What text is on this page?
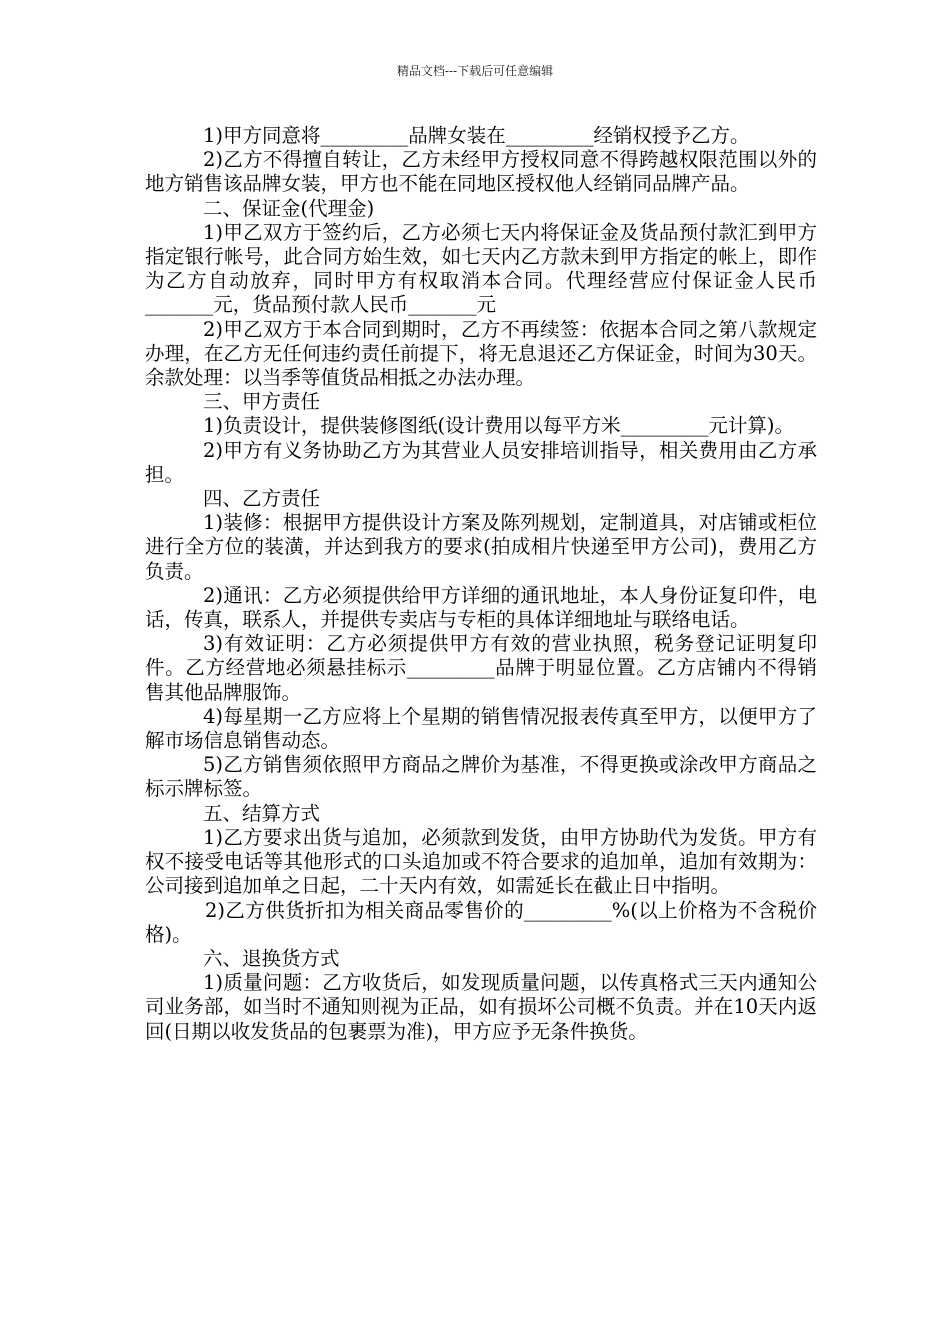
精品文档---下载后可任意编辑

1)甲方同意将_________品牌女装在_________经销权授予乙方。

2)乙方不得擅自转让，乙方未经甲方授权同意不得跨越权限范围以外的地方销售该品牌女装，甲方也不能在同地区授权他人经销同品牌产品。

二、保证金(代理金)

1)甲乙双方于签约后，乙方必须七天内将保证金及货品预付款汇到甲方指定银行帐号，此合同方始生效，如七天内乙方款未到甲方指定的帐上，即作为乙方自动放弃，同时甲方有权取消本合同。代理经营应付保证金人民币_______元，货品预付款人民币_______元

2)甲乙双方于本合同到期时，乙方不再续签：依据本合同之第八款规定办理，在乙方无任何违约责任前提下，将无息退还乙方保证金，时间为30天。余款处理：以当季等值货品相抵之办法办理。

三、甲方责任

1)负责设计，提供装修图纸(设计费用以每平方米_________元计算)。

2)甲方有义务协助乙方为其营业人员安排培训指导，相关费用由乙方承担。

四、乙方责任

1)装修：根据甲方提供设计方案及陈列规划，定制道具，对店铺或柜位进行全方位的装潢，并达到我方的要求(拍成相片快递至甲方公司)，费用乙方负责。

2)通讯：乙方必须提供给甲方详细的通讯地址，本人身份证复印件，电话，传真，联系人，并提供专卖店与专柜的具体详细地址与联络电话。

3)有效证明：乙方必须提供甲方有效的营业执照，税务登记证明复印件。乙方经营地必须悬挂标示_________品牌于明显位置。乙方店铺内不得销售其他品牌服饰。

4)每星期一乙方应将上个星期的销售情况报表传真至甲方，以便甲方了解市场信息销售动态。

5)乙方销售须依照甲方商品之牌价为基准，不得更换或涂改甲方商品之标示牌标签。

五、结算方式

1)乙方要求出货与追加，必须款到发货，由甲方协助代为发货。甲方有权不接受电话等其他形式的口头追加或不符合要求的追加单，追加有效期为：公司接到追加单之日起，二十天内有效，如需延长在截止日中指明。

2)乙方供货折扣为相关商品零售价的_________%(以上价格为不含税价格)。

六、退换货方式

1)质量问题：乙方收货后，如发现质量问题，以传真格式三天内通知公司业务部，如当时不通知则视为正品，如有损坏公司概不负责。并在10天内返回(日期以收发货品的包裹票为准)，甲方应予无条件换货。
